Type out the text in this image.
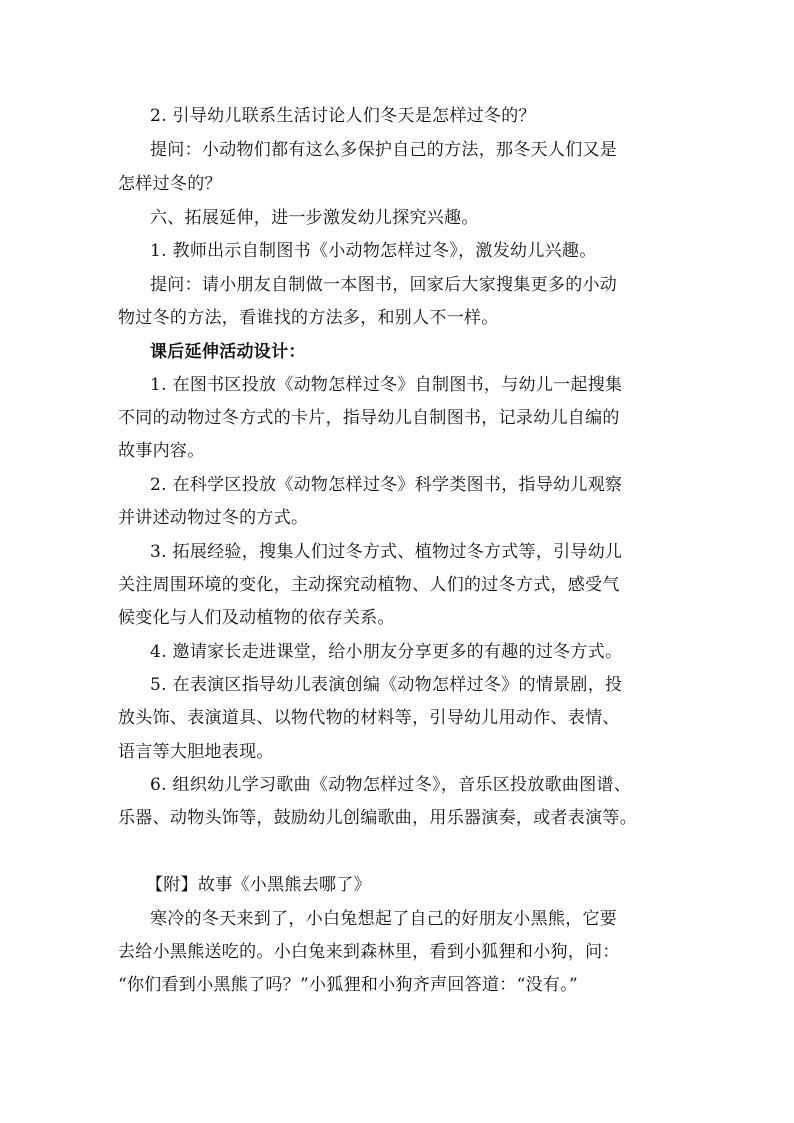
2. 引导幼儿联系生活讨论人们冬天是怎样过冬的？
提问：小动物们都有这么多保护自己的方法，那冬天人们又是
怎样过冬的？
六、拓展延伸，进一步激发幼儿探究兴趣。
1. 教师出示自制图书《小动物怎样过冬》，激发幼儿兴趣。
提问：请小朋友自制做一本图书，回家后大家搜集更多的小动
物过冬的方法，看谁找的方法多，和别人不一样。
课后延伸活动设计：
1. 在图书区投放《动物怎样过冬》自制图书，与幼儿一起搜集
不同的动物过冬方式的卡片，指导幼儿自制图书，记录幼儿自编的
故事内容。
2. 在科学区投放《动物怎样过冬》科学类图书，指导幼儿观察
并讲述动物过冬的方式。
3. 拓展经验，搜集人们过冬方式、植物过冬方式等，引导幼儿
关注周围环境的变化，主动探究动植物、人们的过冬方式，感受气
候变化与人们及动植物的依存关系。
4. 邀请家长走进课堂，给小朋友分享更多的有趣的过冬方式。
5. 在表演区指导幼儿表演创编《动物怎样过冬》的情景剧，投
放头饰、表演道具、以物代物的材料等，引导幼儿用动作、表情、
语言等大胆地表现。
6. 组织幼儿学习歌曲《动物怎样过冬》，音乐区投放歌曲图谱、
乐器、动物头饰等，鼓励幼儿创编歌曲，用乐器演奏，或者表演等。
【附】故事《小黑熊去哪了》
寒冷的冬天来到了，小白兔想起了自己的好朋友小黑熊，它要
去给小黑熊送吃的。小白兔来到森林里，看到小狐狸和小狗，问：
“你们看到小黑熊了吗？”小狐狸和小狗齐声回答道：“没有。”
